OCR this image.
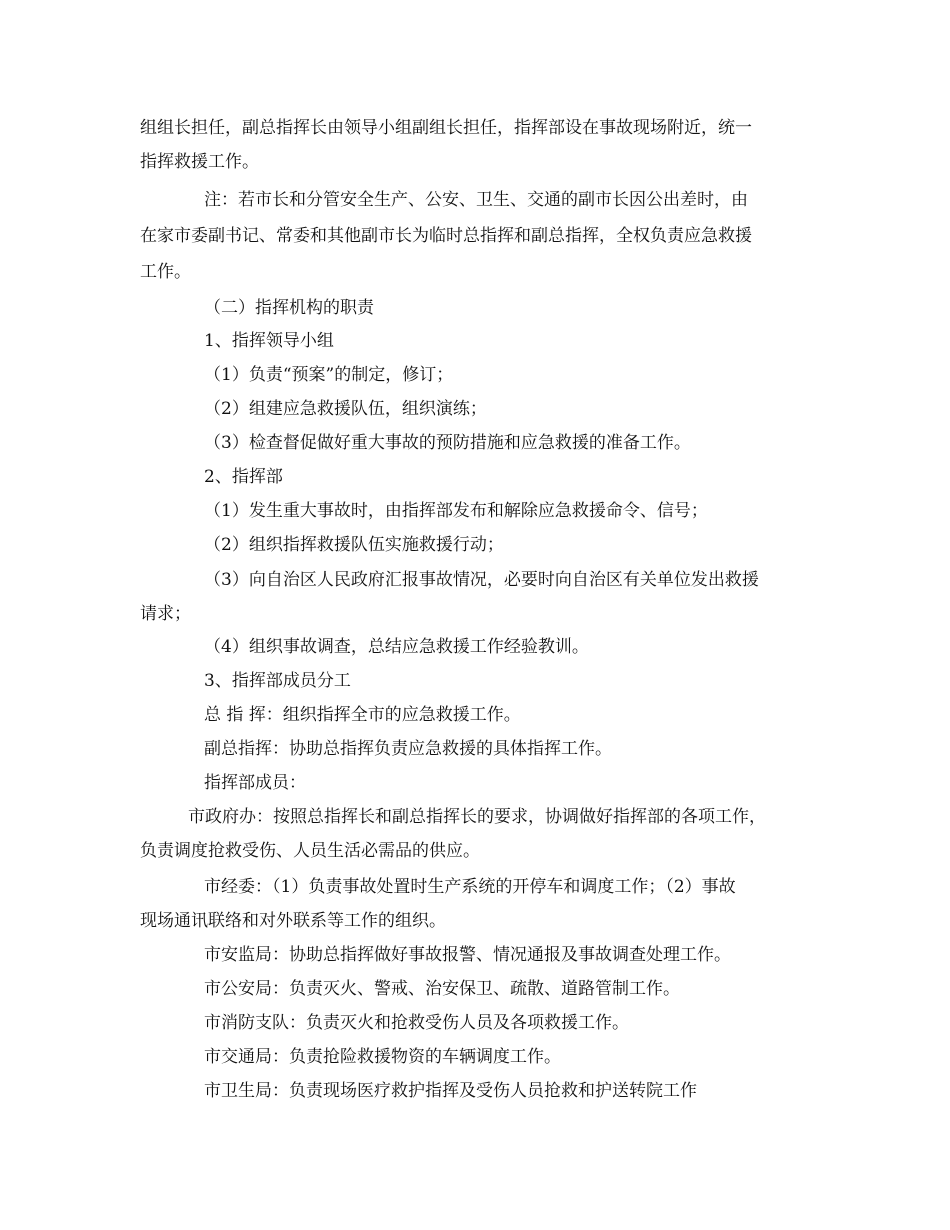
组组长担任，副总指挥长由领导小组副组长担任，指挥部设在事故现场附近，统一
指挥救援工作。
注：若市长和分管安全生产、公安、卫生、交通的副市长因公出差时，由
在家市委副书记、常委和其他副市长为临时总指挥和副总指挥，全权负责应急救援
工作。
（二）指挥机构的职责
1、指挥领导小组
（1）负责“预案”的制定，修订；
（2）组建应急救援队伍，组织演练；
（3）检查督促做好重大事故的预防措施和应急救援的准备工作。
2、指挥部
（1）发生重大事故时，由指挥部发布和解除应急救援命令、信号；
（2）组织指挥救援队伍实施救援行动；
（3）向自治区人民政府汇报事故情况，必要时向自治区有关单位发出救援
请求；
（4）组织事故调查，总结应急救援工作经验教训。
3、指挥部成员分工
总 指 挥：组织指挥全市的应急救援工作。
副总指挥：协助总指挥负责应急救援的具体指挥工作。
指挥部成员：
市政府办：按照总指挥长和副总指挥长的要求，协调做好指挥部的各项工作，
负责调度抢救受伤、人员生活必需品的供应。
市经委：（1）负责事故处置时生产系统的开停车和调度工作；（2）事故
现场通讯联络和对外联系等工作的组织。
市安监局：协助总指挥做好事故报警、情况通报及事故调查处理工作。
市公安局：负责灭火、警戒、治安保卫、疏散、道路管制工作。
市消防支队：负责灭火和抢救受伤人员及各项救援工作。
市交通局：负责抢险救援物资的车辆调度工作。
市卫生局：负责现场医疗救护指挥及受伤人员抢救和护送转院工作
